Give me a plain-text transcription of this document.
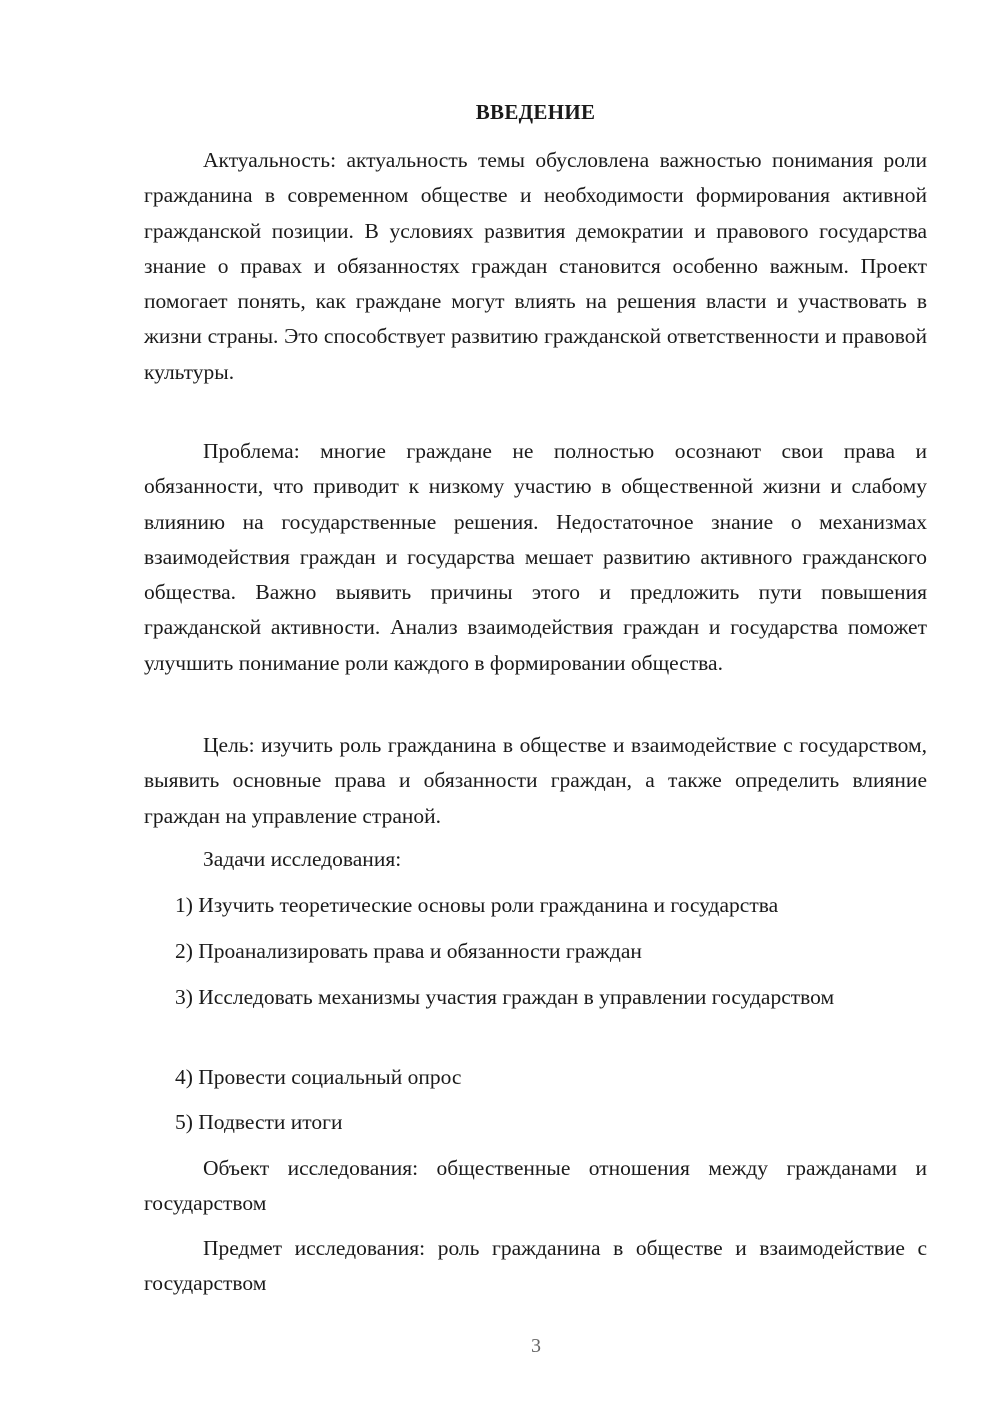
ВВЕДЕНИЕ

Актуальность: актуальность темы обусловлена важностью понимания роли гражданина в современном обществе и необходимости формирования активной гражданской позиции. В условиях развития демократии и правового государства знание о правах и обязанностях граждан становится особенно важным. Проект помогает понять, как граждане могут влиять на решения власти и участвовать в жизни страны. Это способствует развитию гражданской ответственности и правовой культуры.

Проблема: многие граждане не полностью осознают свои права и обязанности, что приводит к низкому участию в общественной жизни и слабому влиянию на государственные решения. Недостаточное знание о механизмах взаимодействия граждан и государства мешает развитию активного гражданского общества. Важно выявить причины этого и предложить пути повышения гражданской активности. Анализ взаимодействия граждан и государства поможет улучшить понимание роли каждого в формировании общества.

Цель: изучить роль гражданина в обществе и взаимодействие с государством, выявить основные права и обязанности граждан, а также определить влияние граждан на управление страной.

Задачи исследования:

1) Изучить теоретические основы роли гражданина и государства

2) Проанализировать права и обязанности граждан

3) Исследовать механизмы участия граждан в управлении государством

4) Провести социальный опрос

5) Подвести итоги

Объект исследования: общественные отношения между гражданами и государством

Предмет исследования: роль гражданина в обществе и взаимодействие с государством

3
